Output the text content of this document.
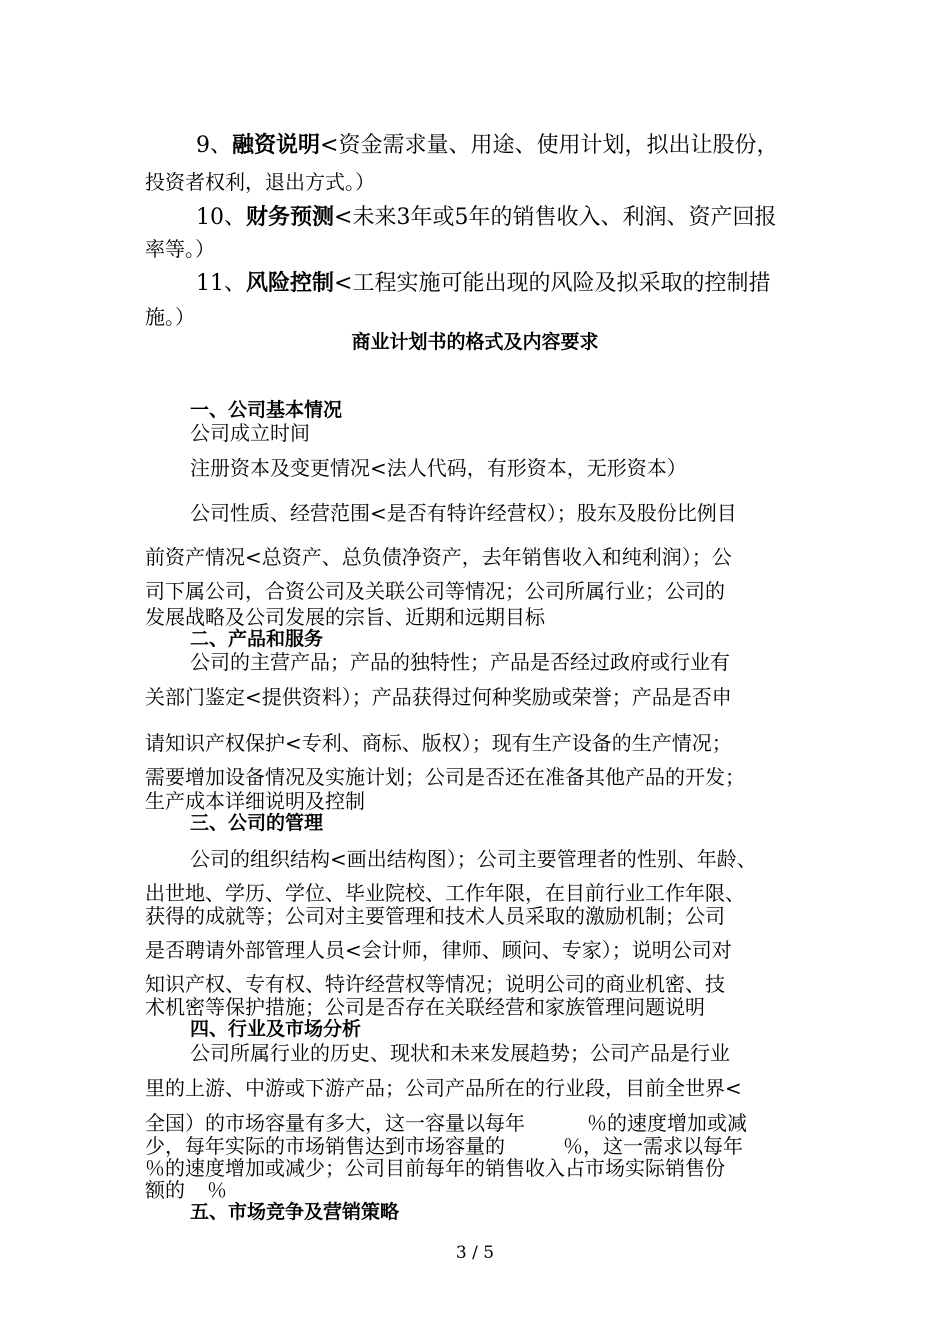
9、融资说明<资金需求量、用途、使用计划，拟出让股份，
投资者权利，退出方式。）
10、财务预测<未来3年或5年的销售收入、利润、资产回报
率等。）
11、风险控制<工程实施可能出现的风险及拟采取的控制措
施。）
商业计划书的格式及内容要求
一、公司基本情况
公司成立时间
注册资本及变更情况<法人代码，有形资本，无形资本）
公司性质、经营范围<是否有特许经营权）；股东及股份比例目
前资产情况<总资产、总负债净资产，去年销售收入和纯利润）；公
司下属公司，合资公司及关联公司等情况；公司所属行业；公司的
发展战略及公司发展的宗旨、近期和远期目标
二、产品和服务
公司的主营产品；产品的独特性；产品是否经过政府或行业有
关部门鉴定<提供资料）；产品获得过何种奖励或荣誉；产品是否申
请知识产权保护<专利、商标、版权）；现有生产设备的生产情况；
需要增加设备情况及实施计划；公司是否还在准备其他产品的开发；
生产成本详细说明及控制
三、公司的管理
公司的组织结构<画出结构图）；公司主要管理者的性别、年龄、
出世地、学历、学位、毕业院校、工作年限，在目前行业工作年限、
获得的成就等；公司对主要管理和技术人员采取的激励机制；公司
是否聘请外部管理人员<会计师，律师、顾问、专家）；说明公司对
知识产权、专有权、特许经营权等情况；说明公司的商业机密、技
术机密等保护措施；公司是否存在关联经营和家族管理问题说明
四、行业及市场分析
公司所属行业的历史、现状和未来发展趋势；公司产品是行业
里的上游、中游或下游产品；公司产品所在的行业段，目前全世界<
全国）的市场容量有多大，这一容量以每年	％的速度增加或减
少，每年实际的市场销售达到市场容量的	％，这一需求以每年
％的速度增加或减少；公司目前每年的销售收入占市场实际销售份
额的 ％
五、市场竞争及营销策略
3 / 5
